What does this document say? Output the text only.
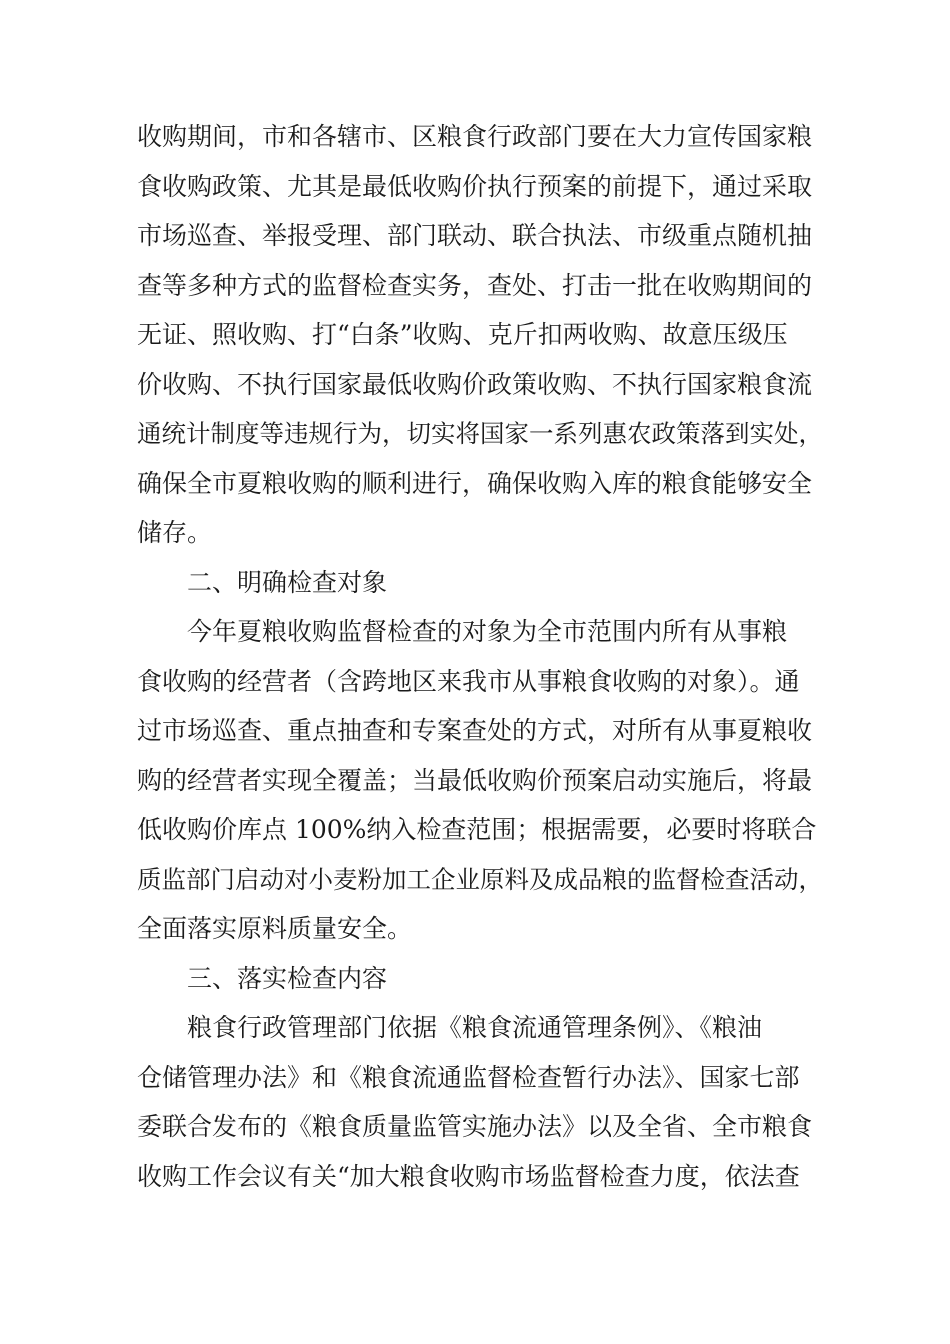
收购期间，市和各辖市、区粮食行政部门要在大力宣传国家粮
食收购政策、尤其是最低收购价执行预案的前提下，通过采取
市场巡查、举报受理、部门联动、联合执法、市级重点随机抽
查等多种方式的监督检查实务，查处、打击一批在收购期间的
无证、照收购、打“白条”收购、克斤扣两收购、故意压级压
价收购、不执行国家最低收购价政策收购、不执行国家粮食流
通统计制度等违规行为，切实将国家一系列惠农政策落到实处，
确保全市夏粮收购的顺利进行，确保收购入库的粮食能够安全
储存。
二、明确检查对象
今年夏粮收购监督检查的对象为全市范围内所有从事粮
食收购的经营者（含跨地区来我市从事粮食收购的对象）。通
过市场巡查、重点抽查和专案查处的方式，对所有从事夏粮收
购的经营者实现全覆盖；当最低收购价预案启动实施后，将最
低收购价库点 100%纳入检查范围；根据需要，必要时将联合
质监部门启动对小麦粉加工企业原料及成品粮的监督检查活动，
全面落实原料质量安全。
三、落实检查内容
粮食行政管理部门依据《粮食流通管理条例》、《粮油
仓储管理办法》和《粮食流通监督检查暂行办法》、国家七部
委联合发布的《粮食质量监管实施办法》以及全省、全市粮食
收购工作会议有关“加大粮食收购市场监督检查力度，依法查
